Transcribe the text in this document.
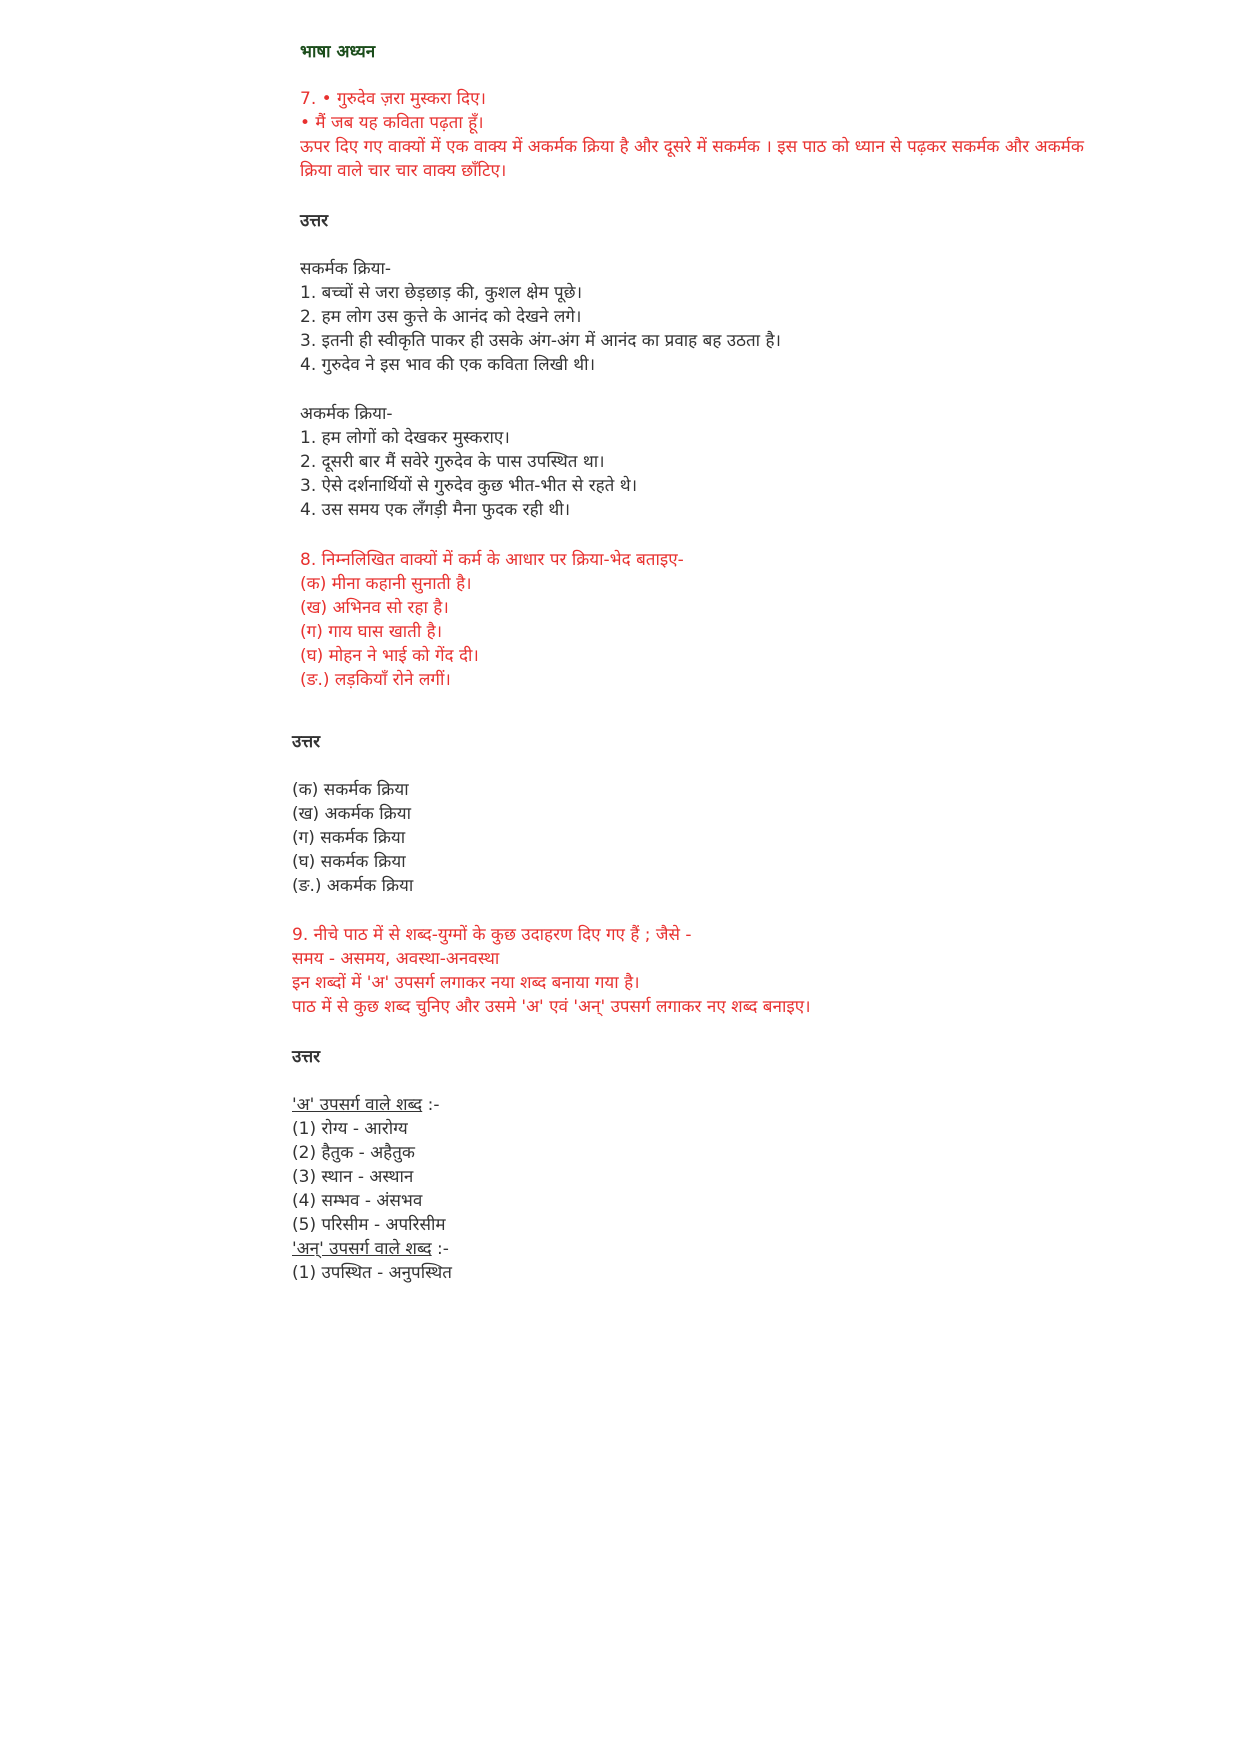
भाषा अध्यन
7. • गुरुदेव ज़रा मुस्करा दिए।
• मैं जब यह कविता पढ़ता हूँ।
ऊपर दिए गए वाक्यों में एक वाक्य में अकर्मक क्रिया है और दूसरे में सकर्मक । इस पाठ को ध्यान से पढ़कर सकर्मक और अकर्मक क्रिया वाले चार चार वाक्य छाँटिए।
उत्तर
सकर्मक क्रिया-
1. बच्चों से जरा छेड़छाड़ की, कुशल क्षेम पूछे।
2. हम लोग उस कुत्ते के आनंद को देखने लगे।
3. इतनी ही स्वीकृति पाकर ही उसके अंग-अंग में आनंद का प्रवाह बह उठता है।
4. गुरुदेव ने इस भाव की एक कविता लिखी थी।
अकर्मक क्रिया-
1. हम लोगों को देखकर मुस्कराए।
2. दूसरी बार मैं सवेरे गुरुदेव के पास उपस्थित था।
3. ऐसे दर्शनार्थियों से गुरुदेव कुछ भीत-भीत से रहते थे।
4. उस समय एक लँगड़ी मैना फुदक रही थी।
8. निम्नलिखित वाक्यों में कर्म के आधार पर क्रिया-भेद बताइए-
(क) मीना कहानी सुनाती है।
(ख) अभिनव सो रहा है।
(ग) गाय घास खाती है।
(घ) मोहन ने भाई को गेंद दी।
(ङ.) लड़कियाँ रोने लगीं।
उत्तर
(क) सकर्मक क्रिया
(ख) अकर्मक क्रिया
(ग) सकर्मक क्रिया
(घ) सकर्मक क्रिया
(ङ.) अकर्मक क्रिया
9. नीचे पाठ में से शब्द-युग्मों के कुछ उदाहरण दिए गए हैं ; जैसे -
समय - असमय, अवस्था-अनवस्था
इन शब्दों में 'अ' उपसर्ग लगाकर नया शब्द बनाया गया है।
पाठ में से कुछ शब्द चुनिए और उसमे 'अ' एवं 'अन्' उपसर्ग लगाकर नए शब्द बनाइए।
उत्तर
'अ' उपसर्ग वाले शब्द :-
(1) रोग्य - आरोग्य
(2) हैतुक - अहैतुक
(3) स्थान - अस्थान
(4) सम्भव - अंसभव
(5) परिसीम - अपरिसीम
'अन्' उपसर्ग वाले शब्द :-
(1) उपस्थित - अनुपस्थित
